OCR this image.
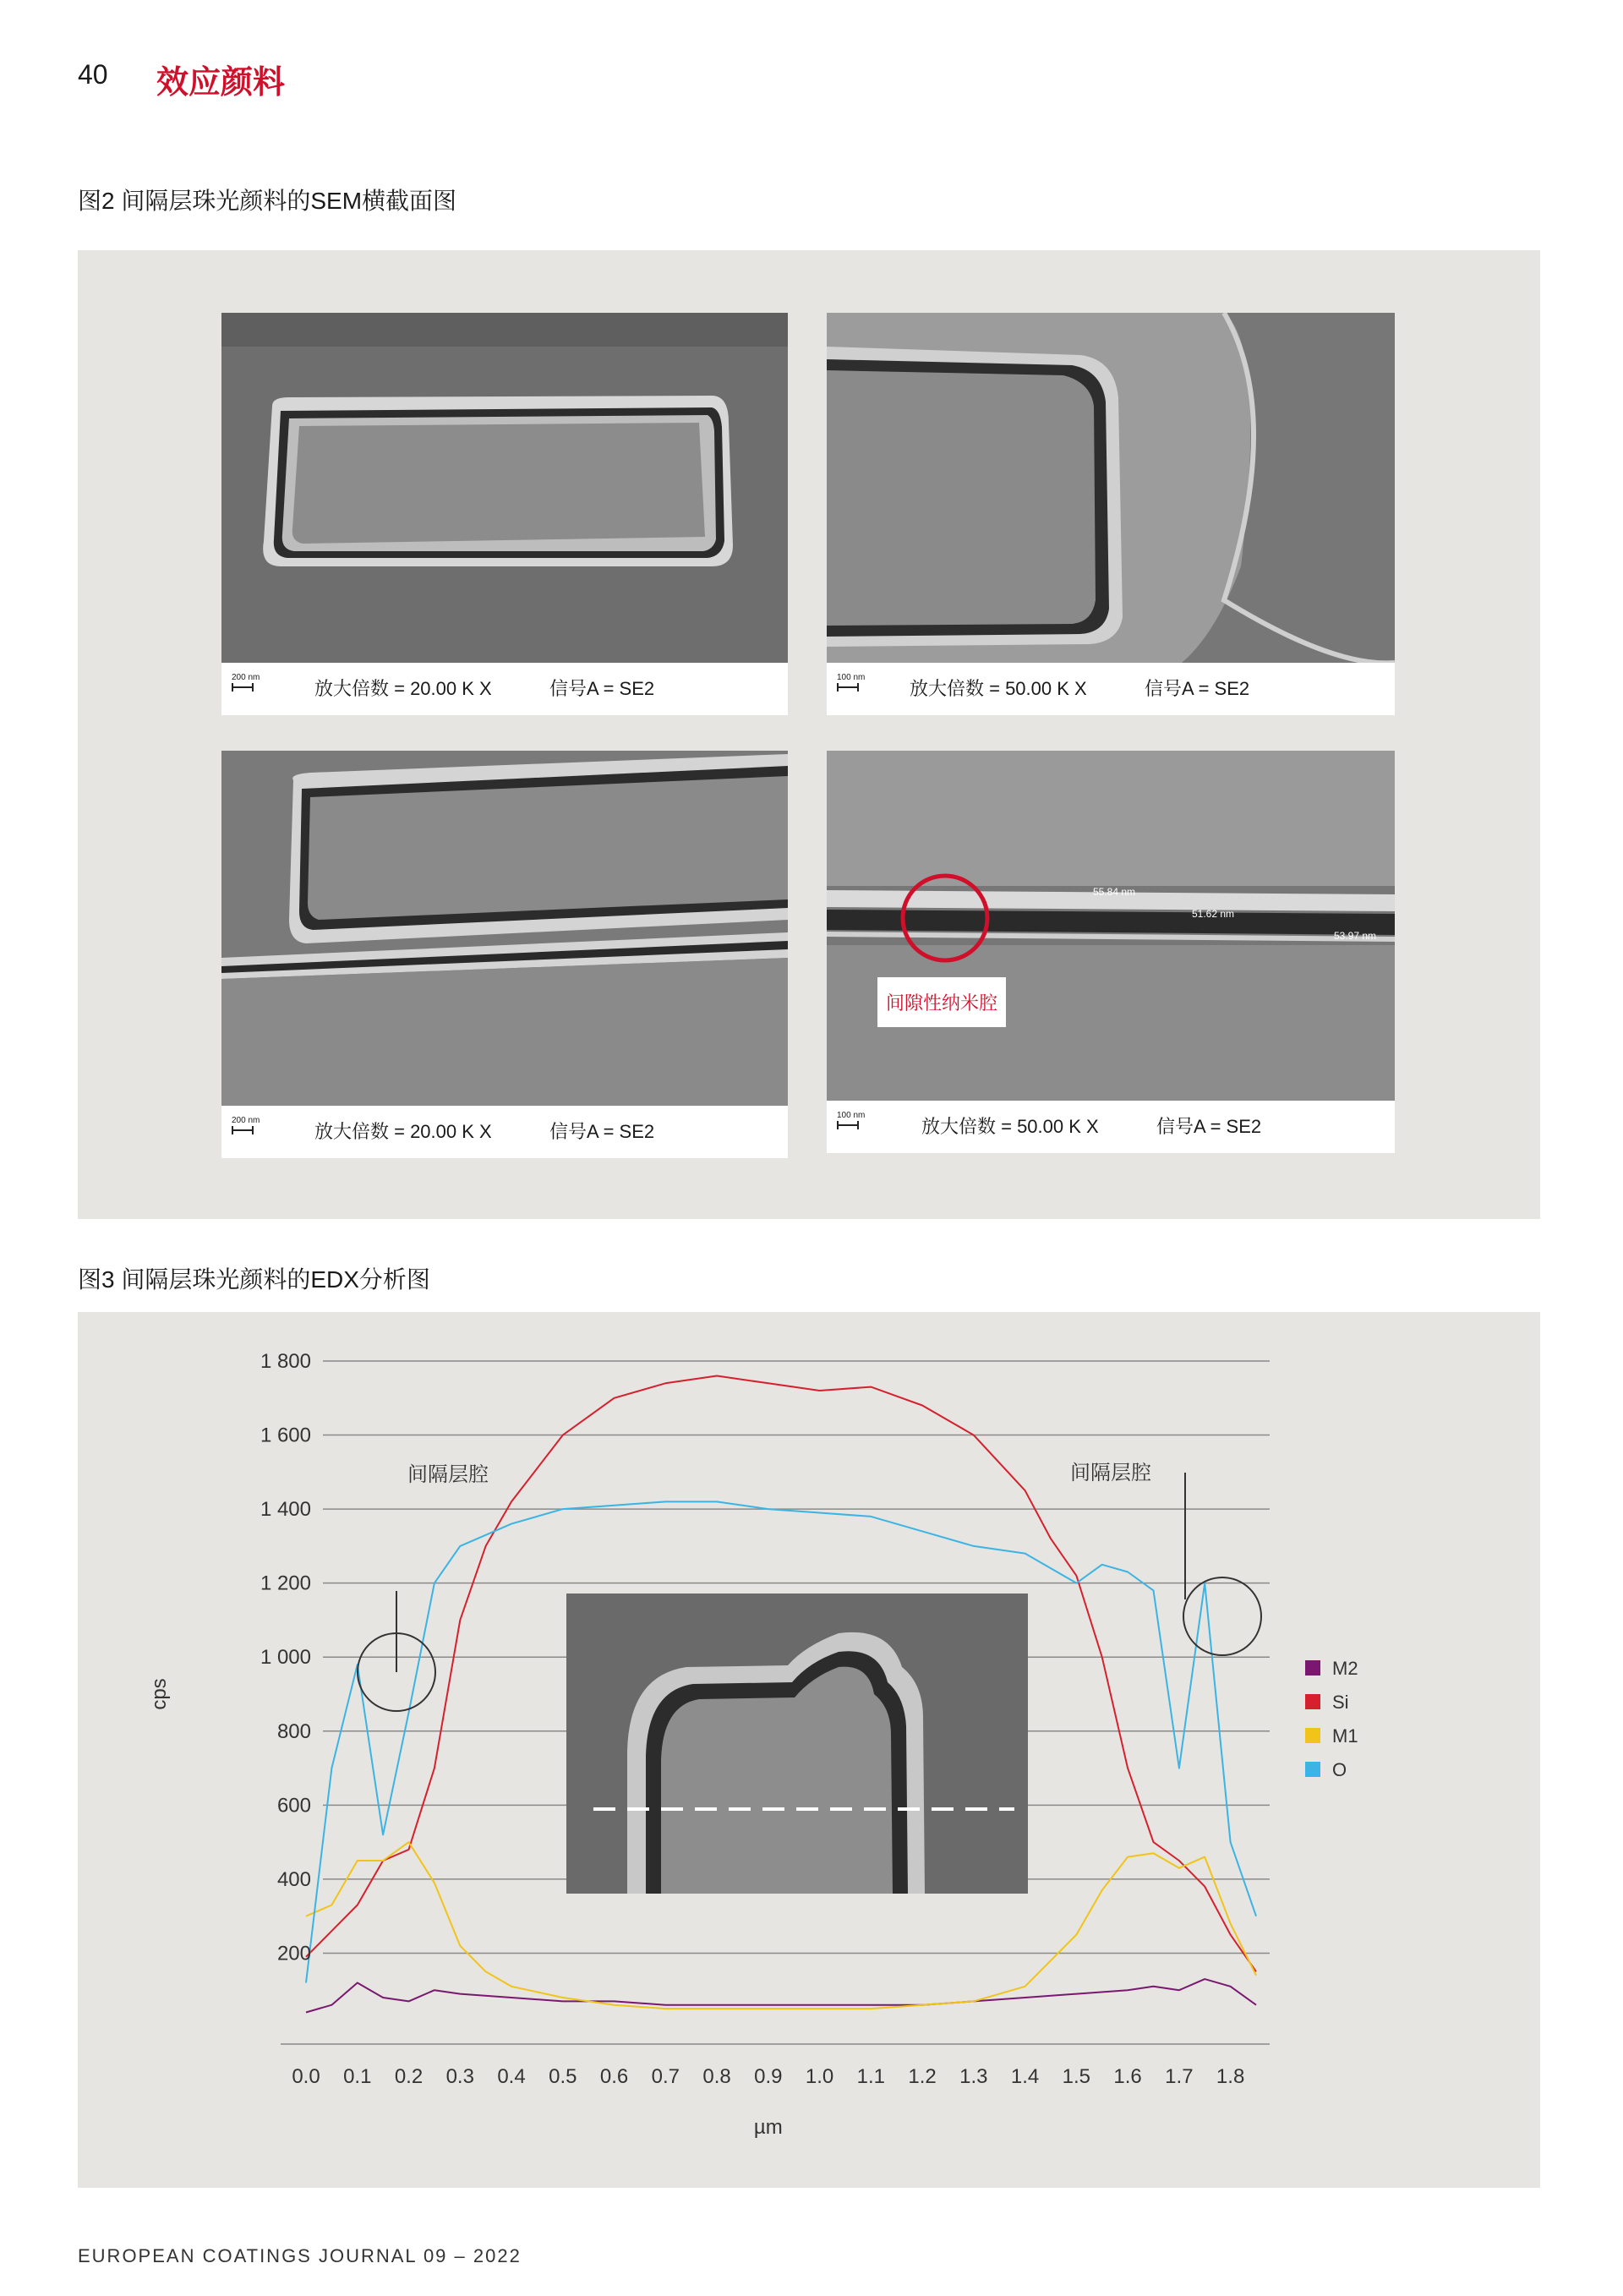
40 效应颜料
图2 间隔层珠光颜料的SEM横截面图
200 nm
放大倍数 = 20.00 K X	信号A = SE2
100 nm
放大倍数 = 50.00 K X	信号A = SE2
200 nm
放大倍数 = 20.00 K X	信号A = SE2
55.84 nm
51.62 nm
53.97 nm
间隙性纳米腔
100 nm
放大倍数 = 50.00 K X	信号A = SE2
图3 间隔层珠光颜料的EDX分析图
200
400
600
800
1 000
1 200
1 400
1 600
1 800
0.0 0.1 0.2 0.3 0.4 0.5 0.6 0.7 0.8 0.9 1.0 1.1 1.2 1.3 1.4 1.5 1.6 1.7 1.8
µm
cps
间隔层腔	间隔层腔
M2
Si
M1
O
EUROPEAN COATINGS JOURNAL 09 – 2022
